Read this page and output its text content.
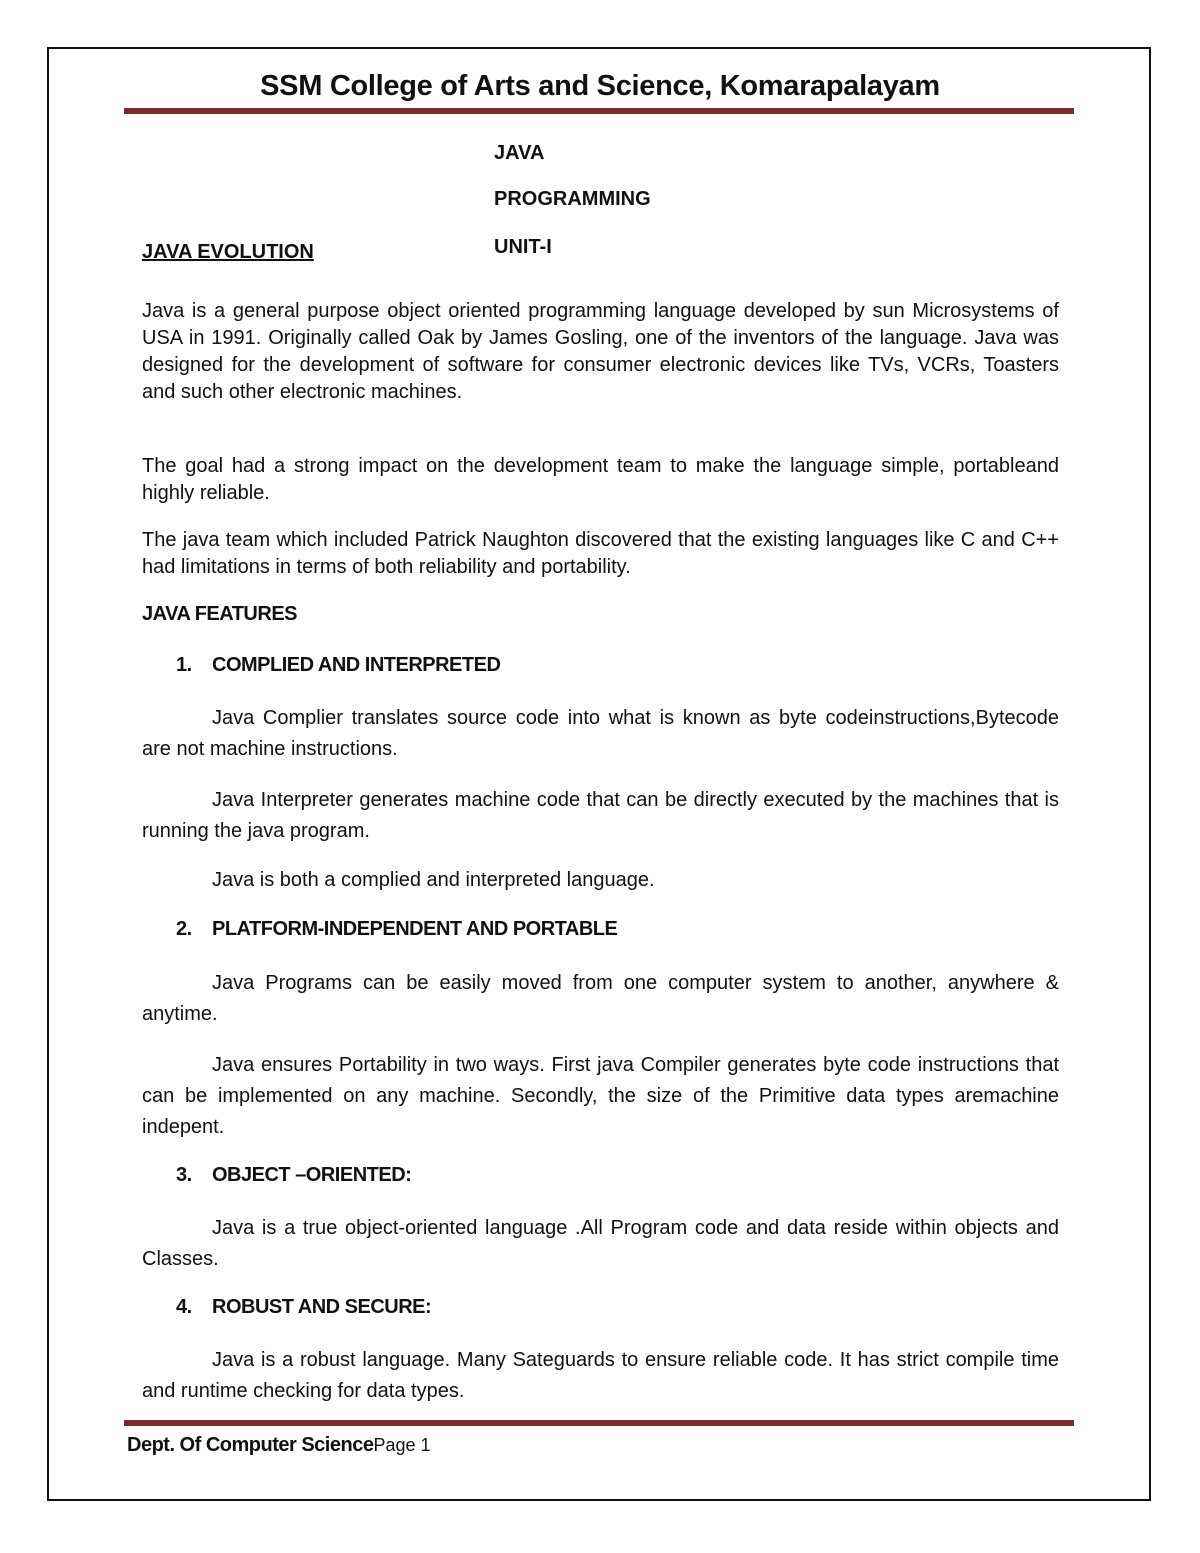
SSM College of Arts and Science, Komarapalayam
JAVA
PROGRAMMING
UNIT-I
JAVA EVOLUTION
Java is a general purpose object oriented programming language developed by sun Microsystems of USA in 1991. Originally called Oak by James Gosling, one of the inventors of the language. Java was designed for the development of software for consumer electronic devices like TVs, VCRs, Toasters and such other electronic machines.
The goal had a strong impact on the development team to make the language simple, portableand highly reliable.
The java team which included Patrick Naughton discovered that the existing languages like C and C++ had limitations in terms of both reliability and portability.
JAVA FEATURES
1. COMPLIED AND INTERPRETED
Java Complier translates source code into what is known as byte codeinstructions,Bytecode are not machine instructions.
Java Interpreter generates machine code that can be directly executed by the machines that is running the java program.
Java is both a complied and interpreted language.
2. PLATFORM-INDEPENDENT AND PORTABLE
Java Programs can be easily moved from one computer system to another, anywhere & anytime.
Java ensures Portability in two ways. First java Compiler generates byte code instructions that can be implemented on any machine. Secondly, the size of the Primitive data types aremachine indepent.
3. OBJECT –ORIENTED:
Java is a true object-oriented language .All Program code and data reside within objects and Classes.
4. ROBUST AND SECURE:
Java is a robust language. Many Sateguards to ensure reliable code. It has strict compile time and runtime checking for data types.
Dept. Of Computer SciencePage 1
